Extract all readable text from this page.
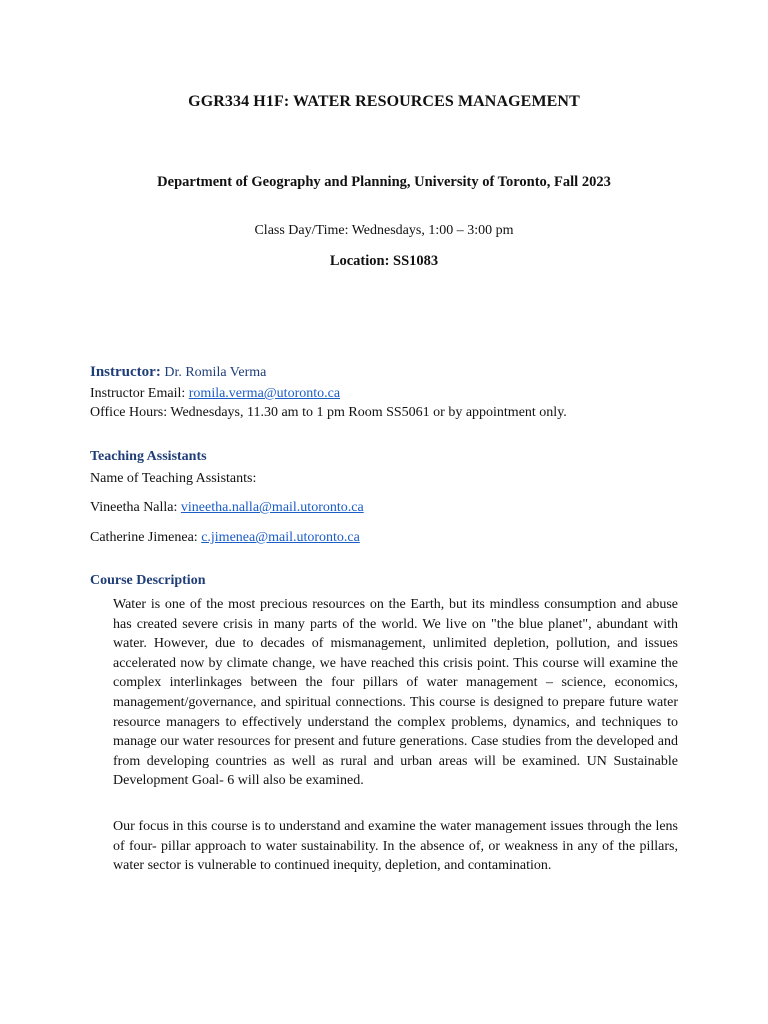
GGR334 H1F: WATER RESOURCES MANAGEMENT
Department of Geography and Planning, University of Toronto, Fall 2023
Class Day/Time: Wednesdays, 1:00 – 3:00 pm
Location: SS1083
Instructor: Dr. Romila Verma
Instructor Email: romila.verma@utoronto.ca
Office Hours: Wednesdays, 11.30 am to 1 pm Room SS5061 or by appointment only.
Teaching Assistants
Name of Teaching Assistants:
Vineetha Nalla: vineetha.nalla@mail.utoronto.ca
Catherine Jimenea: c.jimenea@mail.utoronto.ca
Course Description
Water is one of the most precious resources on the Earth, but its mindless consumption and abuse has created severe crisis in many parts of the world. We live on "the blue planet", abundant with water. However, due to decades of mismanagement, unlimited depletion, pollution, and issues accelerated now by climate change, we have reached this crisis point. This course will examine the complex interlinkages between the four pillars of water management – science, economics, management/governance, and spiritual connections. This course is designed to prepare future water resource managers to effectively understand the complex problems, dynamics, and techniques to manage our water resources for present and future generations. Case studies from the developed and from developing countries as well as rural and urban areas will be examined. UN Sustainable Development Goal- 6 will also be examined.
Our focus in this course is to understand and examine the water management issues through the lens of four- pillar approach to water sustainability. In the absence of, or weakness in any of the pillars, water sector is vulnerable to continued inequity, depletion, and contamination.
